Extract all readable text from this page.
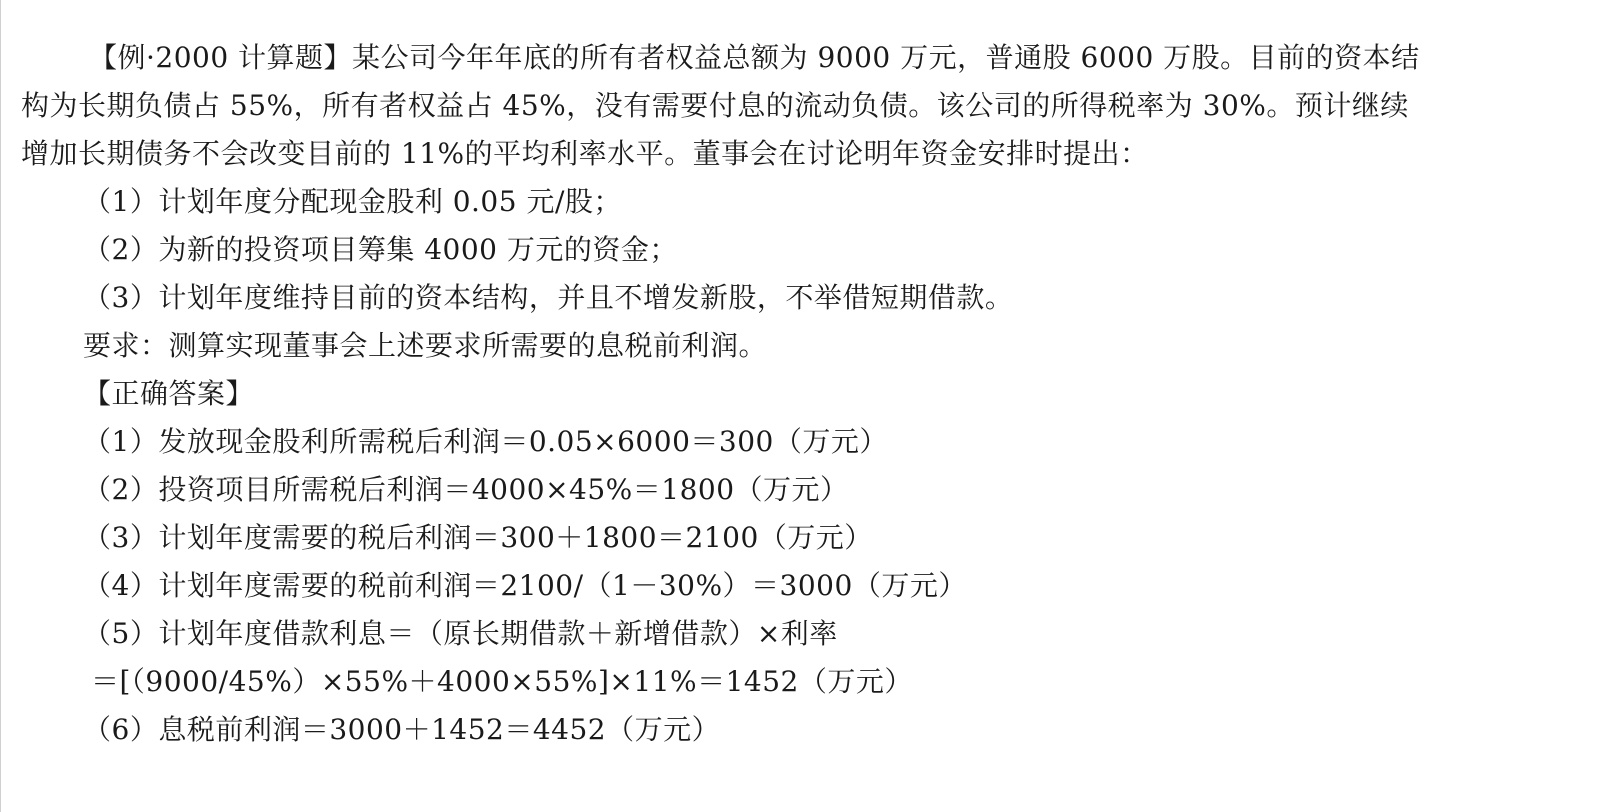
【例·2000 计算题】某公司今年年底的所有者权益总额为 9000 万元，普通股 6000 万股。目前的资本结
构为长期负债占 55%，所有者权益占 45%，没有需要付息的流动负债。该公司的所得税率为 30%。预计继续
增加长期债务不会改变目前的 11%的平均利率水平。董事会在讨论明年资金安排时提出：
（1）计划年度分配现金股利 0.05 元/股；
（2）为新的投资项目筹集 4000 万元的资金；
（3）计划年度维持目前的资本结构，并且不增发新股，不举借短期借款。
要求：测算实现董事会上述要求所需要的息税前利润。
【正确答案】
（1）发放现金股利所需税后利润＝0.05×6000＝300（万元）
（2）投资项目所需税后利润＝4000×45%＝1800（万元）
（3）计划年度需要的税后利润＝300＋1800＝2100（万元）
（4）计划年度需要的税前利润＝2100/（1－30%）＝3000（万元）
（5）计划年度借款利息＝（原长期借款＋新增借款）×利率
＝[（9000/45%）×55%＋4000×55%]×11%＝1452（万元）
（6）息税前利润＝3000＋1452＝4452（万元）
